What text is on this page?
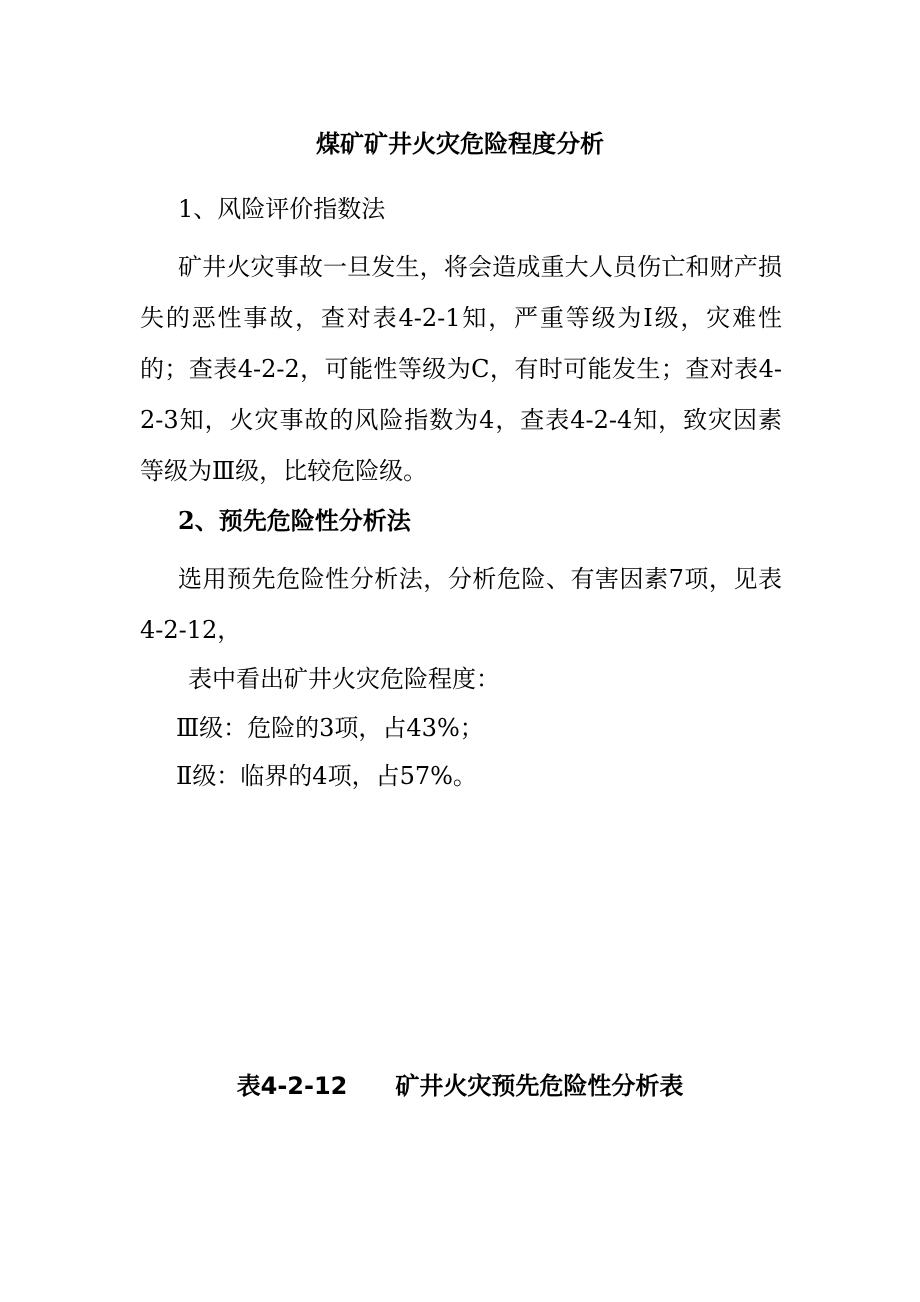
煤矿矿井火灾危险程度分析
1、风险评价指数法

矿井火灾事故一旦发生，将会造成重大人员伤亡和财产损失的恶性事故，查对表4-2-1知，严重等级为Ⅰ级，灾难性的；查表4-2-2，可能性等级为C，有时可能发生；查对表4-2-3知，火灾事故的风险指数为4，查表4-2-4知，致灾因素等级为Ⅲ级，比较危险级。

2、预先危险性分析法

选用预先危险性分析法，分析危险、有害因素7项，见表4-2-12，

表中看出矿井火灾危险程度：
Ⅲ级：危险的3项，占43%；
Ⅱ级：临界的4项，占57%。
表4-2-12　　矿井火灾预先危险性分析表
